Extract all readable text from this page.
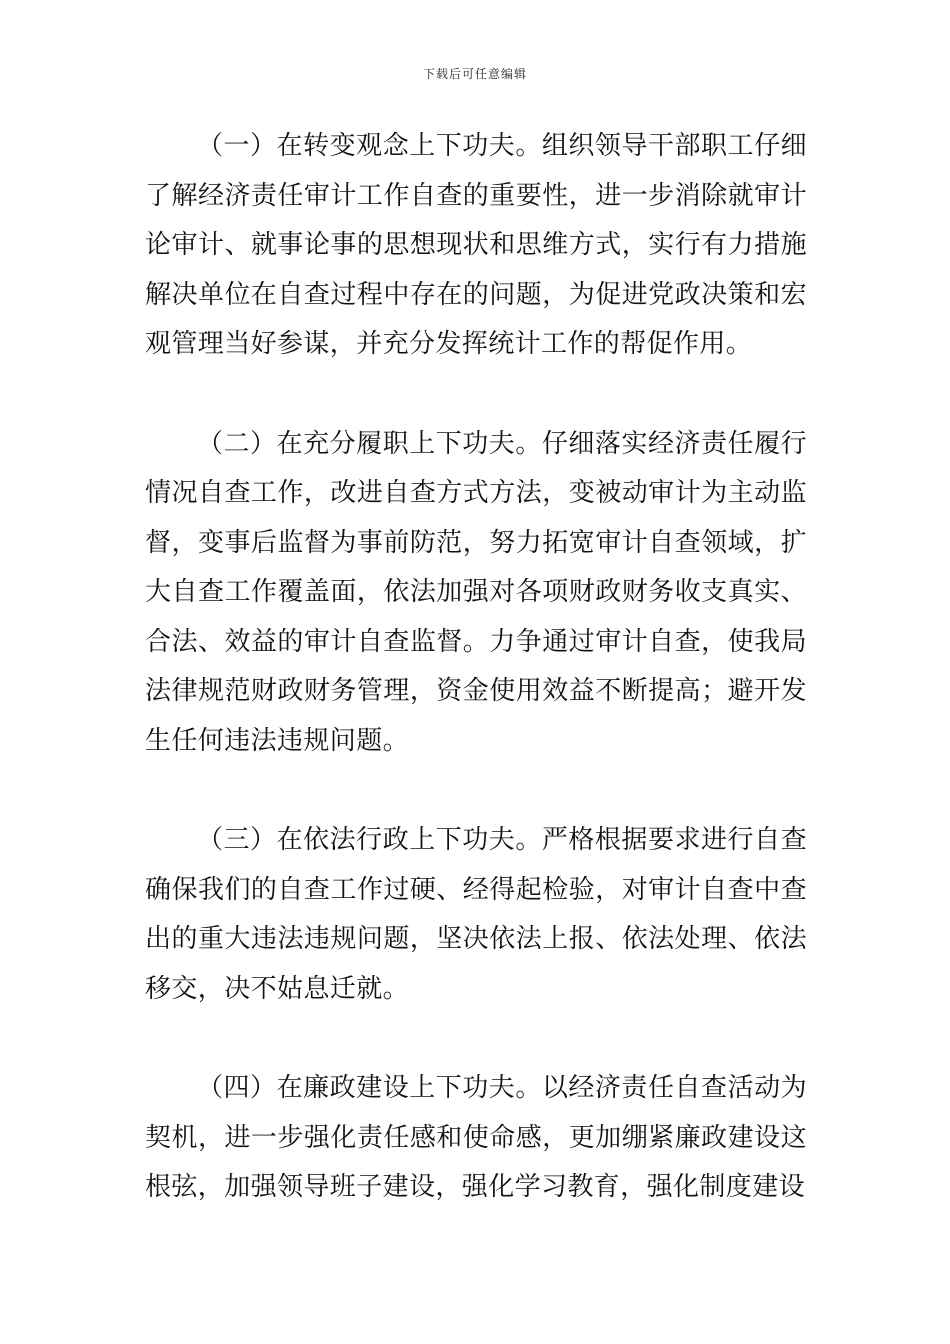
下载后可任意编辑

（一）在转变观念上下功夫。组织领导干部职工仔细了解经济责任审计工作自查的重要性，进一步消除就审计论审计、就事论事的思想现状和思维方式，实行有力措施解决单位在自查过程中存在的问题，为促进党政决策和宏观管理当好参谋，并充分发挥统计工作的帮促作用。

（二）在充分履职上下功夫。仔细落实经济责任履行情况自查工作，改进自查方式方法，变被动审计为主动监督，变事后监督为事前防范，努力拓宽审计自查领域，扩大自查工作覆盖面，依法加强对各项财政财务收支真实、合法、效益的审计自查监督。力争通过审计自查，使我局法律规范财政财务管理，资金使用效益不断提高；避开发生任何违法违规问题。

（三）在依法行政上下功夫。严格根据要求进行自查确保我们的自查工作过硬、经得起检验，对审计自查中查出的重大违法违规问题，坚决依法上报、依法处理、依法移交，决不姑息迁就。

（四）在廉政建设上下功夫。以经济责任自查活动为契机，进一步强化责任感和使命感，更加绷紧廉政建设这根弦，加强领导班子建设，强化学习教育，强化制度建设
